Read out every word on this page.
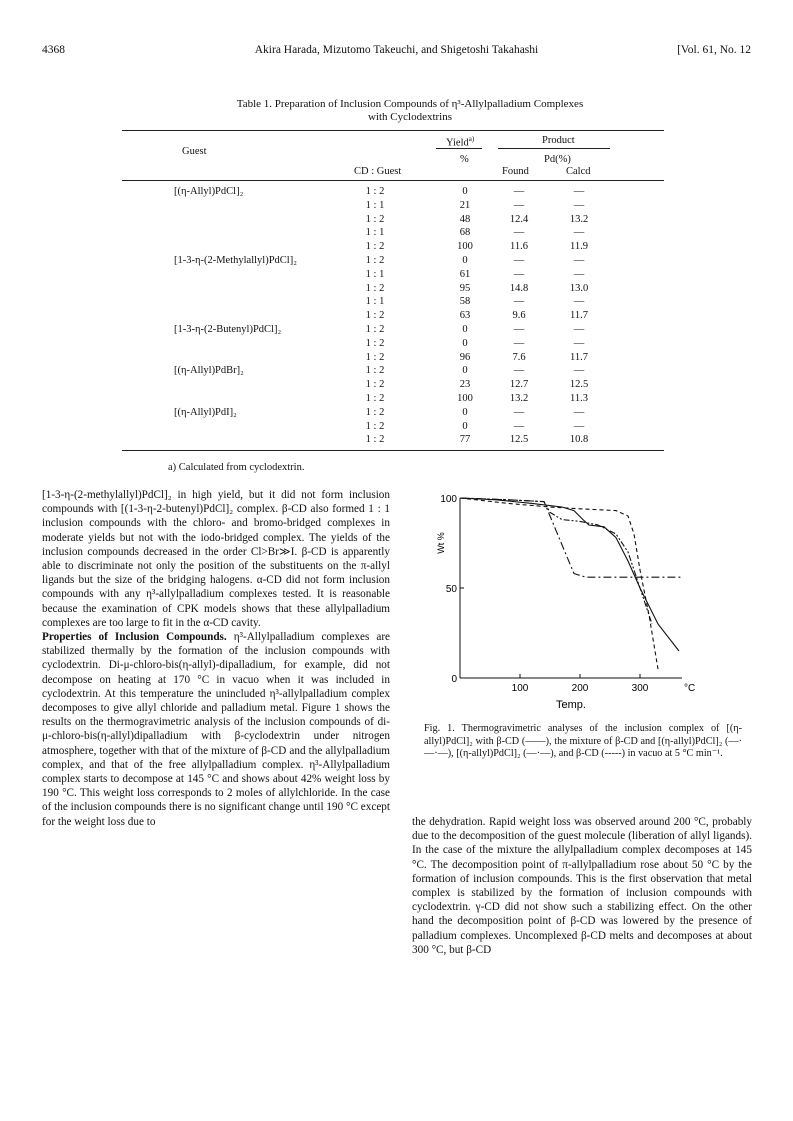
4368	Akira Harada, Mizutomo Takeuchi, and Shigetoshi Takahashi	[Vol. 61, No. 12
Table 1. Preparation of Inclusion Compounds of η³-Allylpalladium Complexes
with Cyclodextrins
Guest
Yield$^{a)}$	Product
%	Pd(%)
CD : Guest	Found	Calcd
[(η-Allyl)PdCl]₂	1 : 2	0	—	—
1 : 1	21	—	—
1 : 2	48	12.4	13.2
1 : 1	68	—	—
1 : 2	100	11.6	11.9
[1-3-η-(2-Methylallyl)PdCl]₂	1 : 2	0	—	—
1 : 1	61	—	—
1 : 2	95	14.8	13.0
1 : 1	58	—	—
1 : 2	63	9.6	11.7
[1-3-η-(2-Butenyl)PdCl]₂	1 : 2	0	—	—
1 : 2	0	—	—
1 : 2	96	7.6	11.7
[(η-Allyl)PdBr]₂	1 : 2	0	—	—
1 : 2	23	12.7	12.5
1 : 2	100	13.2	11.3
[(η-Allyl)PdI]₂	1 : 2	0	—	—
1 : 2	0	—	—
1 : 2	77	12.5	10.8
a) Calculated from cyclodextrin.

[1-3-η-(2-methylallyl)PdCl]₂ in high yield, but it did not form inclusion compounds with [(1-3-η-2-butenyl)PdCl]₂ complex. β-CD also formed 1 : 1 inclusion compounds with the chloro- and bromo-bridged complexes in moderate yields but not with the iodo-bridged complex. The yields of the inclusion compounds decreased in the order Cl>Br≫I. β-CD is apparently able to discriminate not only the position of the substituents on the π-allyl ligands but the size of the bridging halogens. α-CD did not form inclusion compounds with any η³-allylpalladium complexes tested. It is reasonable because the examination of CPK models shows that these allylpalladium complexes are too large to fit in the α-CD cavity.

Properties of Inclusion Compounds. η³-Allylpalladium complexes are stabilized thermally by the formation of the inclusion compounds with cyclodextrin. Di-μ-chloro-bis(η-allyl)-dipalladium, for example, did not decompose on heating at 170 °C in vacuo when it was included in cyclodextrin. At this temperature the unincluded η³-allylpalladium complex decomposes to give allyl chloride and palladium metal. Figure 1 shows the results on the thermogravimetric analysis of the inclusion compounds of di-μ-chloro-bis(η-allyl)dipalladium with β-cyclodextrin under nitrogen atmosphere, together with that of the mixture of β-CD and the allylpalladium complex, and that of the free allylpalladium complex. η³-Allylpalladium complex starts to decompose at 145 °C and shows about 42% weight loss by 190 °C. This weight loss corresponds to 2 moles of allylchloride. In the case of the inclusion compounds there is no significant change until 190 °C except for the weight loss due to

100
50
0
100	200	300	°C
Temp.
Wt %
Fig. 1. Thermogravimetric analyses of the inclusion complex of [(η-allyl)PdCl]₂ with β-CD (——), the mixture of β-CD and [(η-allyl)PdCl]₂ (—·—·—), [(η-allyl)PdCl]₂ (—·—), and β-CD (-----) in vacuo at 5 °C min⁻¹.

the dehydration. Rapid weight loss was observed around 200 °C, probably due to the decomposition of the guest molecule (liberation of allyl ligands). In the case of the mixture the allylpalladium complex decomposes at 145 °C. The decomposition point of π-allylpalladium rose about 50 °C by the formation of inclusion compounds. This is the first observation that metal complex is stabilized by the formation of inclusion compounds with cyclodextrin. γ-CD did not show such a stabilizing effect. On the other hand the decomposition point of β-CD was lowered by the presence of palladium complexes. Uncomplexed β-CD melts and decomposes at about 300 °C, but β-CD
